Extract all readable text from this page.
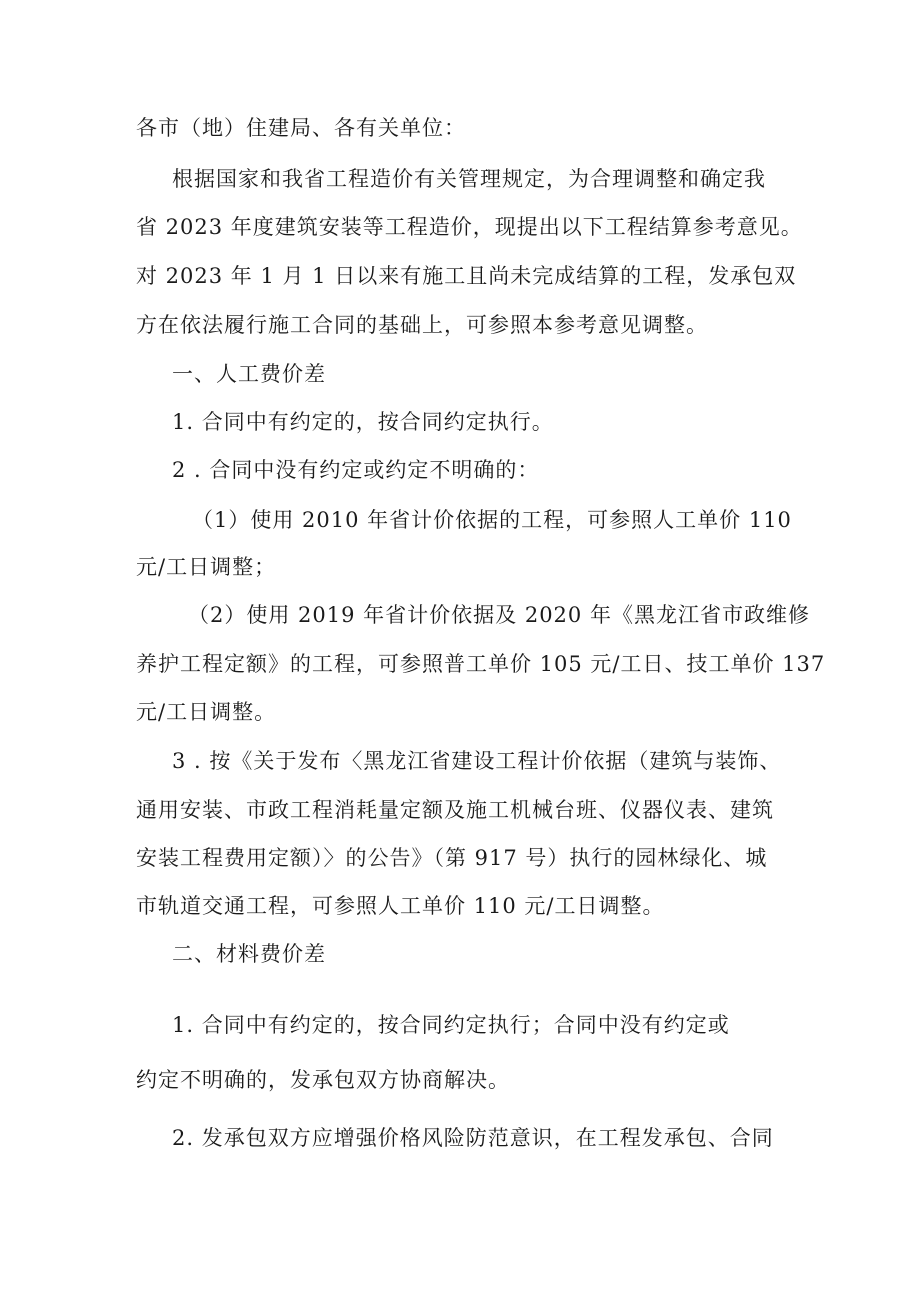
各市（地）住建局、各有关单位：
根据国家和我省工程造价有关管理规定，为合理调整和确定我
省 2023 年度建筑安装等工程造价，现提出以下工程结算参考意见。
对 2023 年 1 月 1 日以来有施工且尚未完成结算的工程，发承包双
方在依法履行施工合同的基础上，可参照本参考意见调整。
一、人工费价差
1. 合同中有约定的，按合同约定执行。
2 . 合同中没有约定或约定不明确的：
（1）使用 2010 年省计价依据的工程，可参照人工单价 110
元/工日调整；
（2）使用 2019 年省计价依据及 2020 年《黑龙江省市政维修
养护工程定额》的工程，可参照普工单价 105 元/工日、技工单价 137
元/工日调整。
3 . 按《关于发布〈黑龙江省建设工程计价依据（建筑与装饰、
通用安装、市政工程消耗量定额及施工机械台班、仪器仪表、建筑
安装工程费用定额）〉的公告》（第 917 号）执行的园林绿化、城
市轨道交通工程，可参照人工单价 110 元/工日调整。
二、材料费价差
1. 合同中有约定的，按合同约定执行；合同中没有约定或
约定不明确的，发承包双方协商解决。
2. 发承包双方应增强价格风险防范意识，在工程发承包、合同
